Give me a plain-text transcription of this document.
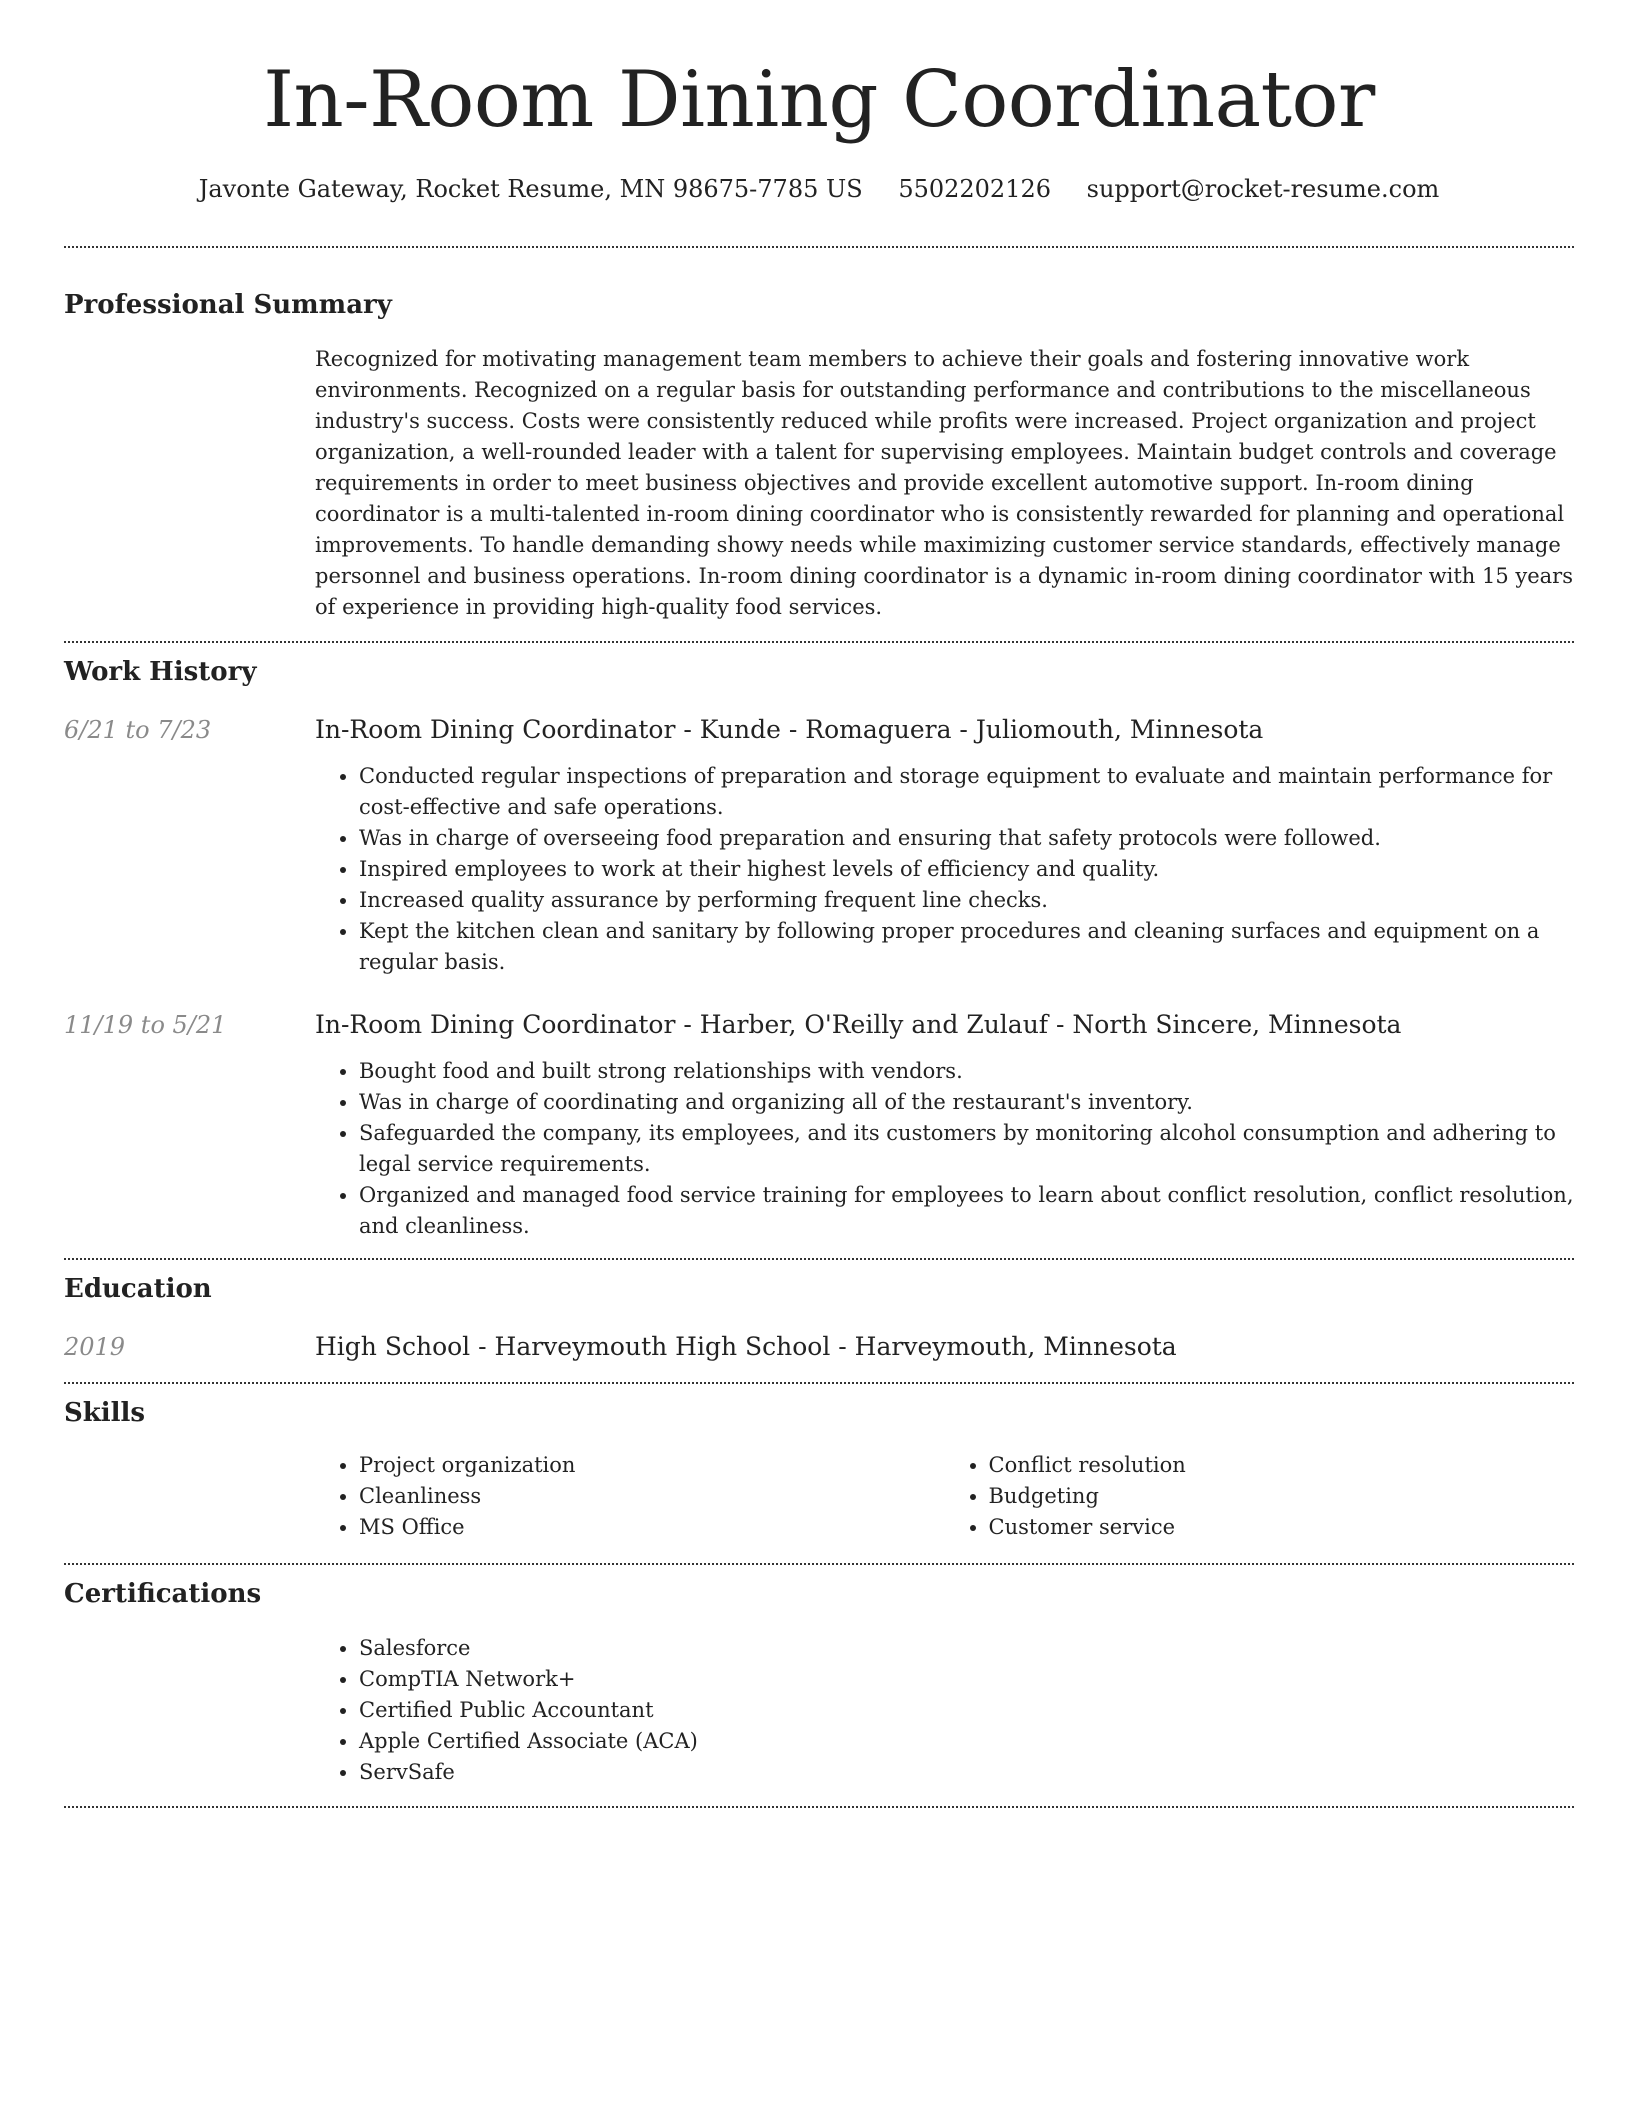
In-Room Dining Coordinator
Javonte Gateway, Rocket Resume, MN 98675-7785 US 5502202126 support@rocket-resume.com
Professional Summary

Recognized for motivating management team members to achieve their goals and fostering innovative work environments. Recognized on a regular basis for outstanding performance and contributions to the miscellaneous industry's success. Costs were consistently reduced while profits were increased. Project organization and project organization, a well-rounded leader with a talent for supervising employees. Maintain budget controls and coverage requirements in order to meet business objectives and provide excellent automotive support. In-room dining coordinator is a multi-talented in-room dining coordinator who is consistently rewarded for planning and operational improvements. To handle demanding showy needs while maximizing customer service standards, effectively manage personnel and business operations. In-room dining coordinator is a dynamic in-room dining coordinator with 15 years of experience in providing high-quality food services.

Work History
6/21 to 7/23	In-Room Dining Coordinator - Kunde - Romaguera - Juliomouth, Minnesota
• Conducted regular inspections of preparation and storage equipment to evaluate and maintain performance for cost-effective and safe operations.
• Was in charge of overseeing food preparation and ensuring that safety protocols were followed.
• Inspired employees to work at their highest levels of efficiency and quality.
• Increased quality assurance by performing frequent line checks.
• Kept the kitchen clean and sanitary by following proper procedures and cleaning surfaces and equipment on a regular basis.
11/19 to 5/21	In-Room Dining Coordinator - Harber, O'Reilly and Zulauf - North Sincere, Minnesota
• Bought food and built strong relationships with vendors.
• Was in charge of coordinating and organizing all of the restaurant's inventory.
• Safeguarded the company, its employees, and its customers by monitoring alcohol consumption and adhering to legal service requirements.
• Organized and managed food service training for employees to learn about conflict resolution, conflict resolution, and cleanliness.
Education
2019	High School - Harveymouth High School - Harveymouth, Minnesota
Skills
• Project organization
• Cleanliness
• MS Office
• Conflict resolution
• Budgeting
• Customer service
Certifications
• Salesforce
• CompTIA Network+
• Certified Public Accountant
• Apple Certified Associate (ACA)
• ServSafe
